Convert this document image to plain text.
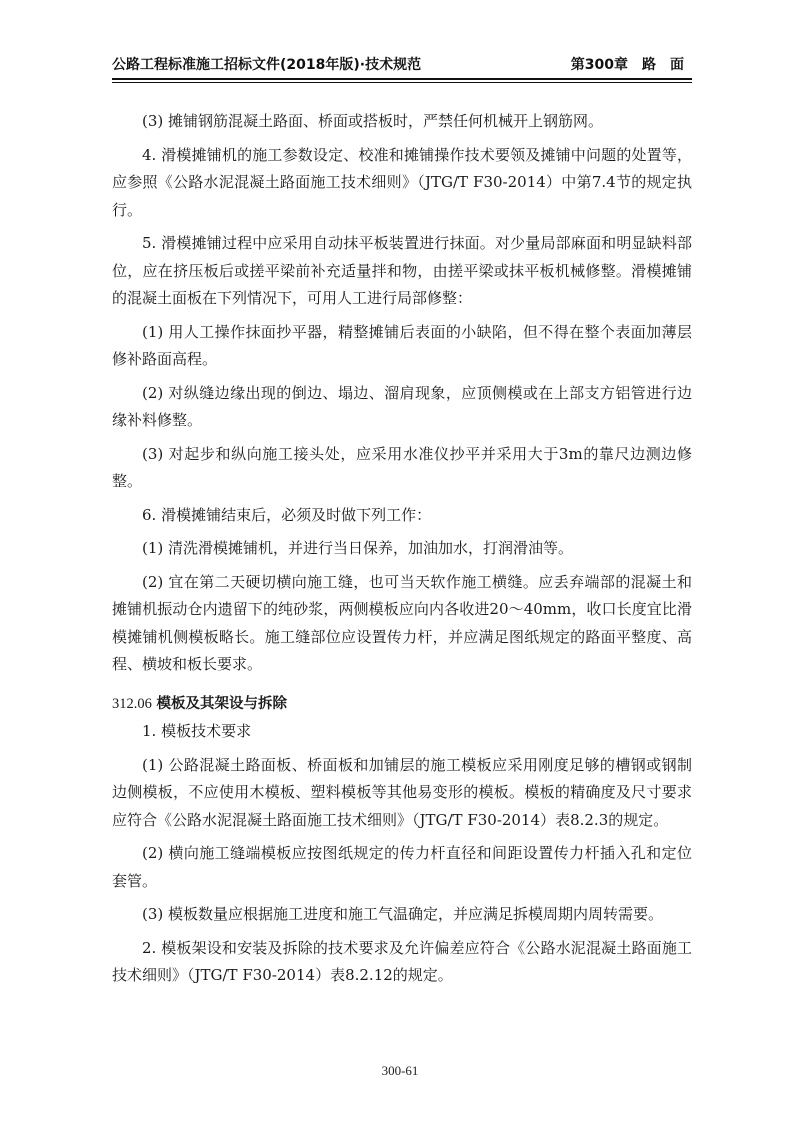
公路工程标准施工招标文件(2018年版)·技术规范	第300章　路　面

(3) 摊铺钢筋混凝土路面、桥面或搭板时，严禁任何机械开上钢筋网。

4. 滑模摊铺机的施工参数设定、校准和摊铺操作技术要领及摊铺中问题的处置等，应参照《公路水泥混凝土路面施工技术细则》（JTG/T F30-2014）中第7.4节的规定执行。

5. 滑模摊铺过程中应采用自动抹平板装置进行抹面。对少量局部麻面和明显缺料部位，应在挤压板后或搓平梁前补充适量拌和物，由搓平梁或抹平板机械修整。滑模摊铺的混凝土面板在下列情况下，可用人工进行局部修整：

(1) 用人工操作抹面抄平器，精整摊铺后表面的小缺陷，但不得在整个表面加薄层修补路面高程。

(2) 对纵缝边缘出现的倒边、塌边、溜肩现象，应顶侧模或在上部支方铝管进行边缘补料修整。

(3) 对起步和纵向施工接头处，应采用水准仪抄平并采用大于3m的靠尺边测边修整。

6. 滑模摊铺结束后，必须及时做下列工作：

(1) 清洗滑模摊铺机，并进行当日保养，加油加水，打润滑油等。

(2) 宜在第二天硬切横向施工缝，也可当天软作施工横缝。应丢弃端部的混凝土和摊铺机振动仓内遗留下的纯砂浆，两侧模板应向内各收进20～40mm，收口长度宜比滑模摊铺机侧模板略长。施工缝部位应设置传力杆，并应满足图纸规定的路面平整度、高程、横坡和板长要求。

312.06 模板及其架设与拆除

1. 模板技术要求

(1) 公路混凝土路面板、桥面板和加铺层的施工模板应采用刚度足够的槽钢或钢制边侧模板，不应使用木模板、塑料模板等其他易变形的模板。模板的精确度及尺寸要求应符合《公路水泥混凝土路面施工技术细则》（JTG/T F30-2014）表8.2.3的规定。

(2) 横向施工缝端模板应按图纸规定的传力杆直径和间距设置传力杆插入孔和定位套管。

(3) 模板数量应根据施工进度和施工气温确定，并应满足拆模周期内周转需要。

2. 模板架设和安装及拆除的技术要求及允许偏差应符合《公路水泥混凝土路面施工技术细则》（JTG/T F30-2014）表8.2.12的规定。

300-61
